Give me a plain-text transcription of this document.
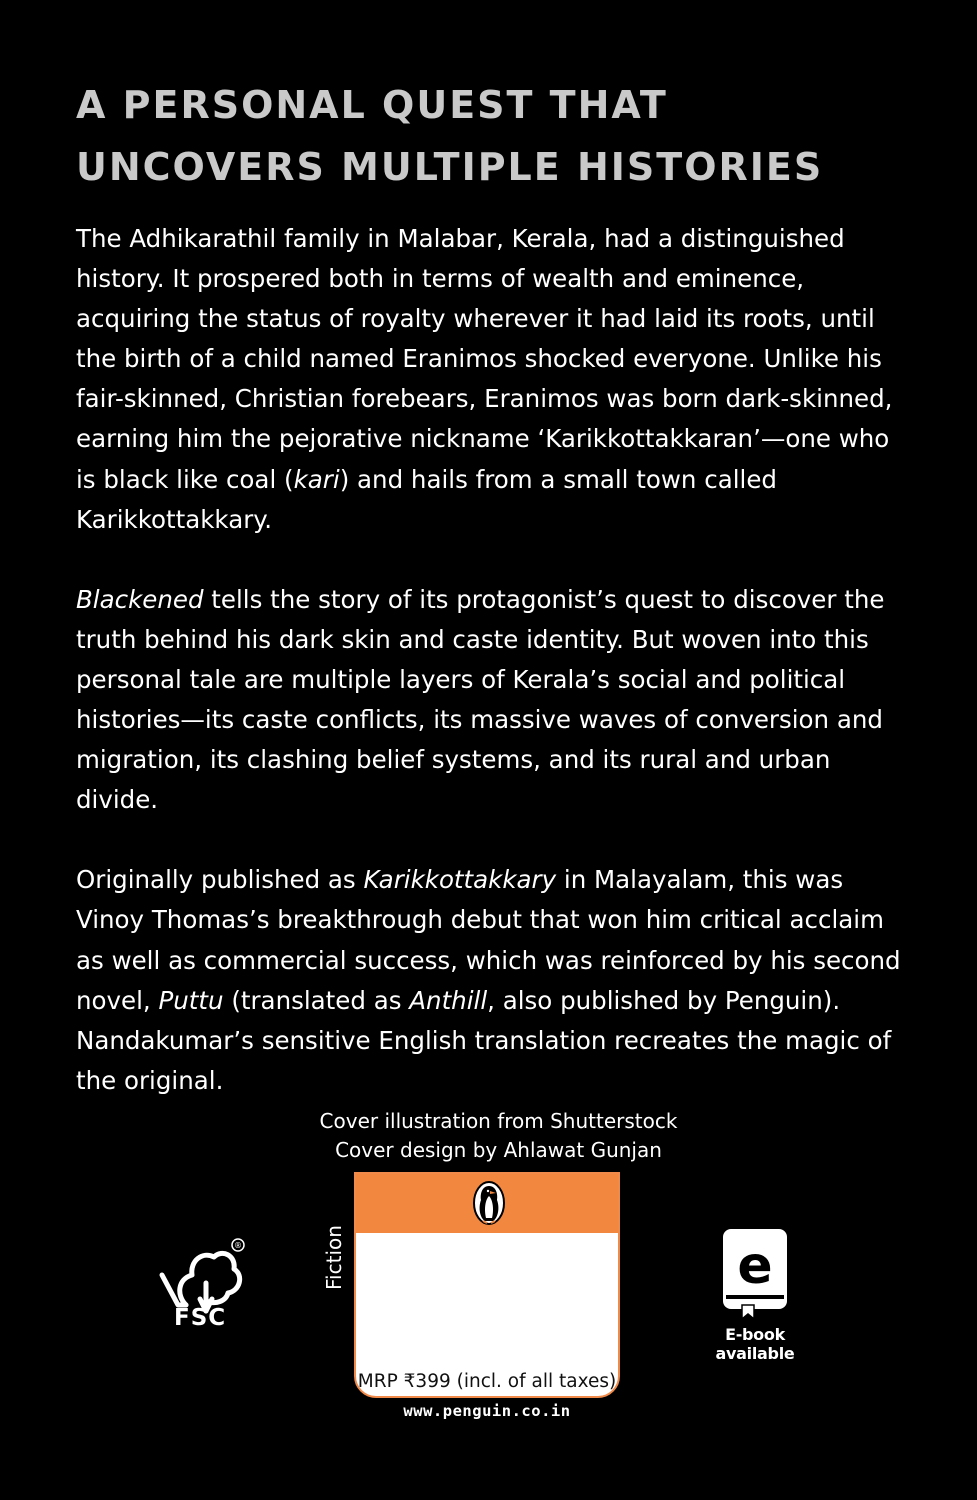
A PERSONAL QUEST THAT
UNCOVERS MULTIPLE HISTORIES

The Adhikarathil family in Malabar, Kerala, had a distinguished history. It prospered both in terms of wealth and eminence, acquiring the status of royalty wherever it had laid its roots, until the birth of a child named Eranimos shocked everyone. Unlike his fair-skinned, Christian forebears, Eranimos was born dark-skinned, earning him the pejorative nickname ‘Karikkottakkaran’—one who is black like coal (kari) and hails from a small town called Karikkottakkary.

Blackened tells the story of its protagonist’s quest to discover the truth behind his dark skin and caste identity. But woven into this personal tale are multiple layers of Kerala’s social and political histories—its caste conflicts, its massive waves of conversion and migration, its clashing belief systems, and its rural and urban divide.

Originally published as Karikkottakkary in Malayalam, this was Vinoy Thomas’s breakthrough debut that won him critical acclaim as well as commercial success, which was reinforced by his second novel, Puttu (translated as Anthill, also published by Penguin). Nandakumar’s sensitive English translation recreates the magic of the original.

Cover illustration from Shutterstock
Cover design by Ahlawat Gunjan
®
FSC
Fiction
MRP ₹399 (incl. of all taxes)
www.penguin.co.in
e
E-book available
